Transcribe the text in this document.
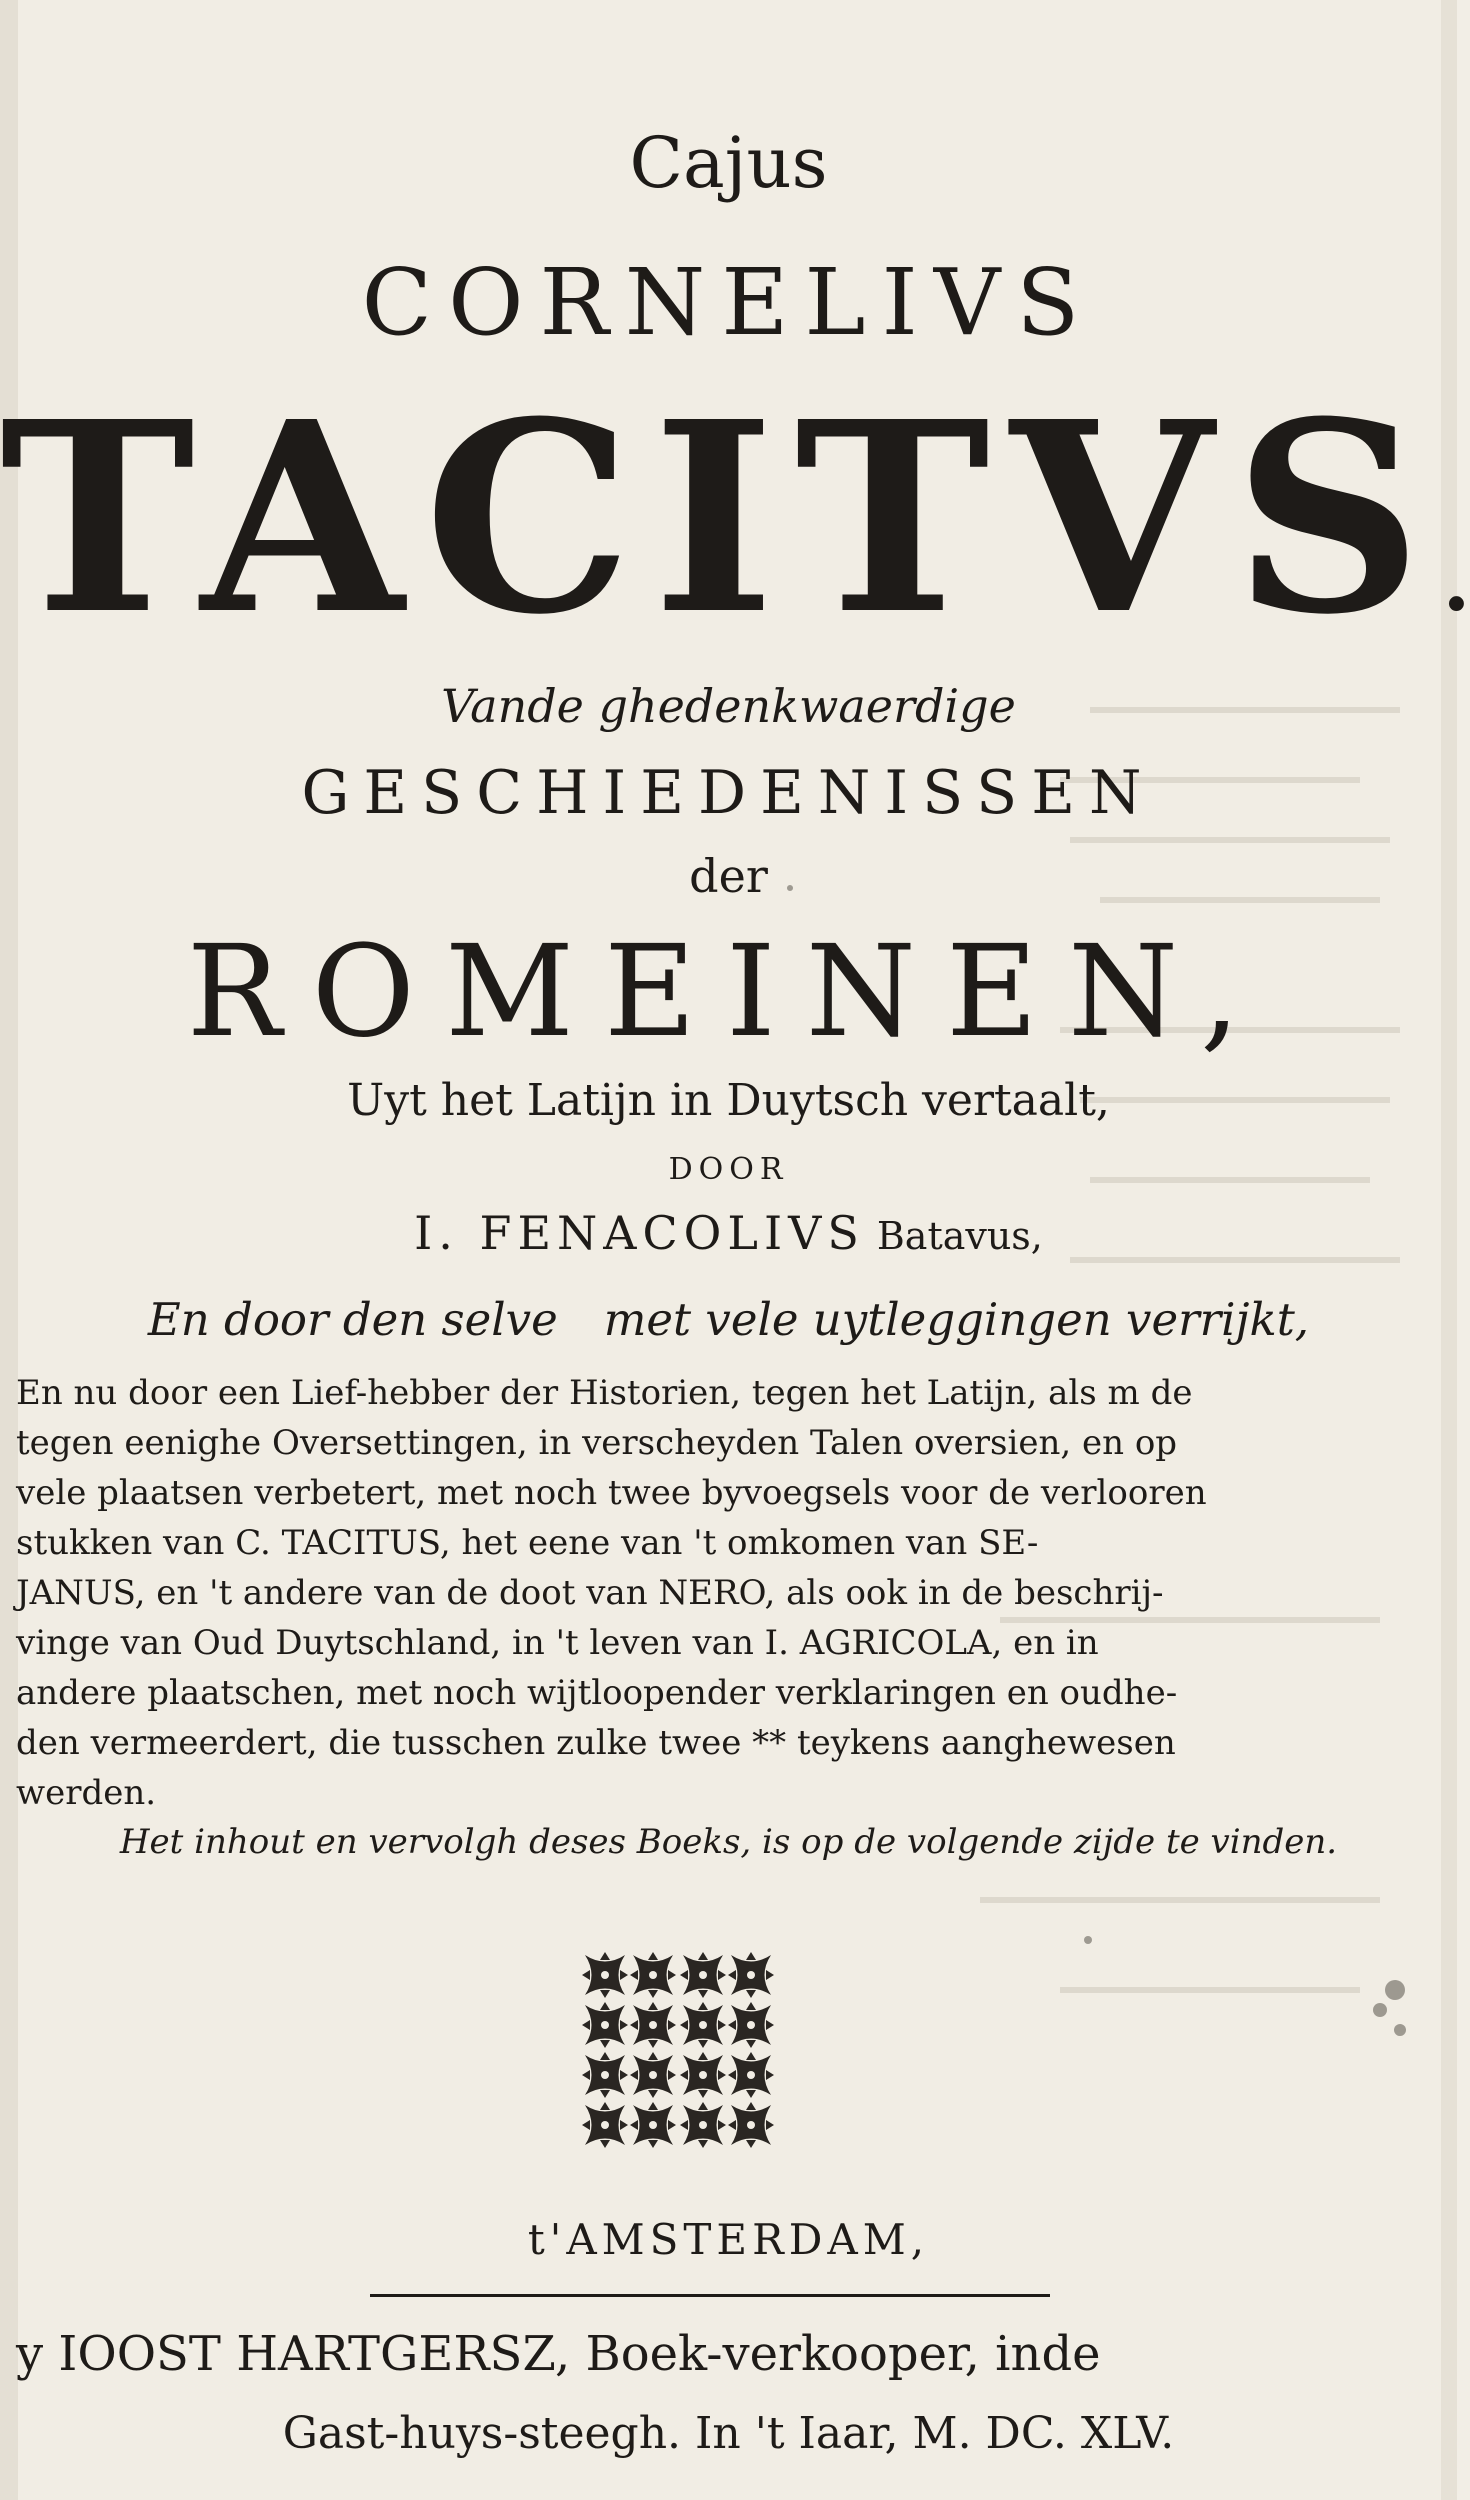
Cajus
CORNELIVS
TACITVS.
Vande ghedenkwaerdige
GESCHIEDENISSEN
der
ROMEINEN,
Uyt het Latijn in Duytsch vertaalt,
DOOR
I. FENACOLIVS Batavus,
En door den selve met vele uytleggingen verrijkt,

En nu door een Lief-hebber der Historien, tegen het Latijn, als m de

tegen eenighe Oversettingen, in verscheyden Talen oversien, en op

vele plaatsen verbetert, met noch twee byvoegsels voor de verlooren

stukken van C. TACITUS, het eene van 't omkomen van SE-

JANUS, en 't andere van de doot van NERO, als ook in de beschrij-

vinge van Oud Duytschland, in 't leven van I. AGRICOLA, en in

andere plaatschen, met noch wijtloopender verklaringen en oudhe-

den vermeerdert, die tusschen zulke twee ** teykens aanghewesen

werden.

Het inhout en vervolgh deses Boeks, is op de volgende zijde te vinden.
t'AMSTERDAM,
y IOOST HARTGERSZ, Boek-verkooper, inde
Gast-huys-steegh. In 't Iaar, M. DC. XLV.
